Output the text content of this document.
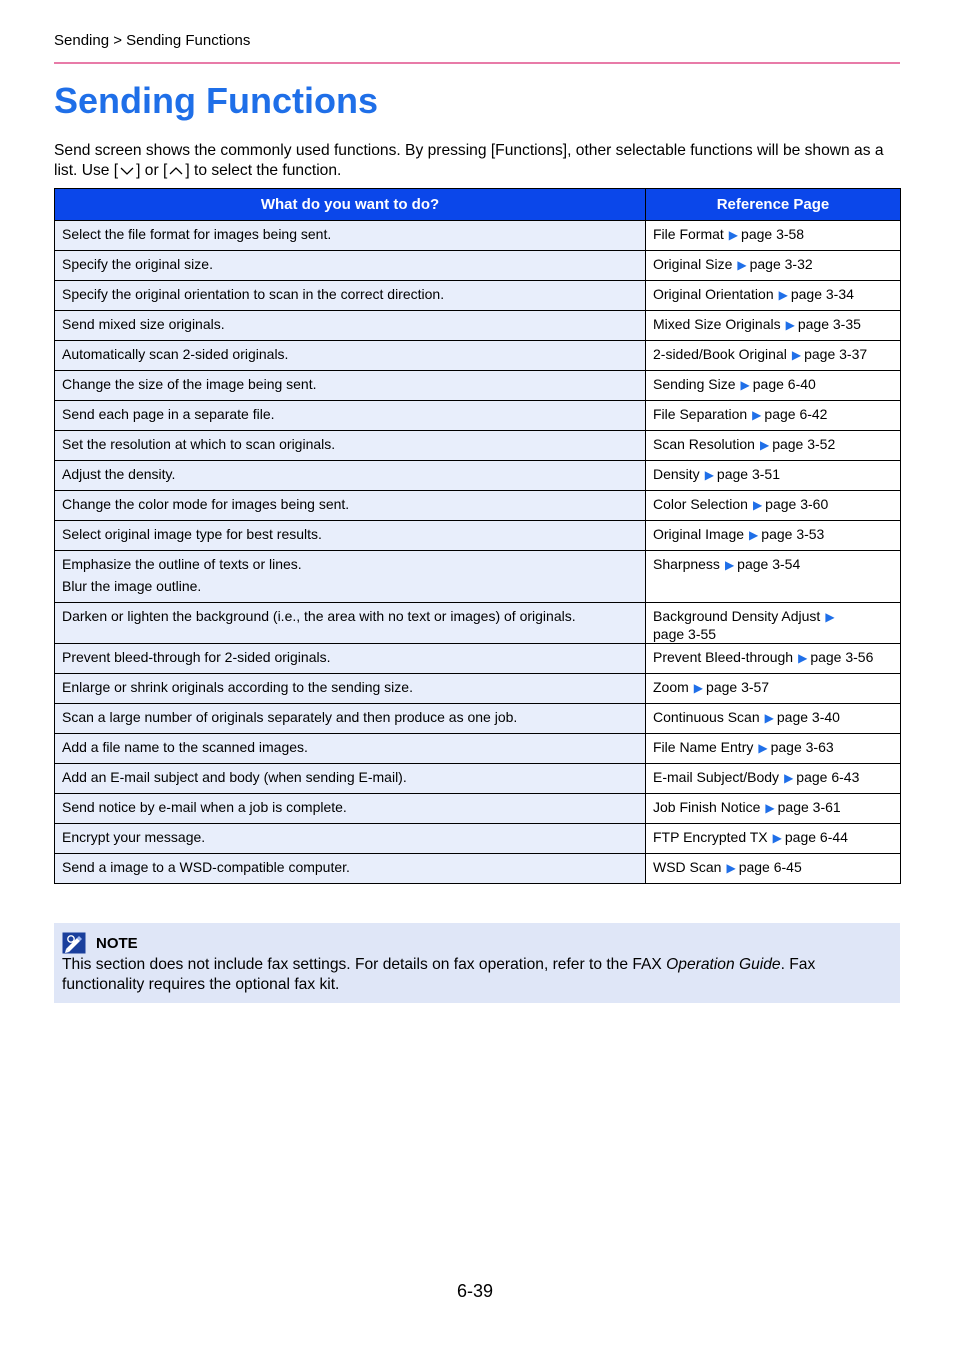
Sending > Sending Functions
Sending Functions
Send screen shows the commonly used functions. By pressing [Functions], other selectable functions will be shown as a list. Use [ ] or [ ] to select the function.
What do you want to do?	Reference Page

Select the file format for images being sent.	File Format ▶ page 3-58

Specify the original size.	Original Size ▶ page 3-32

Specify the original orientation to scan in the correct direction.	Original Orientation ▶ page 3-34

Send mixed size originals.	Mixed Size Originals ▶ page 3-35

Automatically scan 2-sided originals.	2-sided/Book Original ▶ page 3-37

Change the size of the image being sent.	Sending Size ▶ page 6-40

Send each page in a separate file.	File Separation ▶ page 6-42

Set the resolution at which to scan originals.	Scan Resolution ▶ page 3-52

Adjust the density.	Density ▶ page 3-51

Change the color mode for images being sent.	Color Selection ▶ page 3-60

Select original image type for best results.	Original Image ▶ page 3-53

Emphasize the outline of texts or lines.
Blur the image outline.	Sharpness ▶ page 3-54

Darken or lighten the background (i.e., the area with no text or images) of originals.	Background Density Adjust ▶
page 3-55

Prevent bleed-through for 2-sided originals.	Prevent Bleed-through ▶ page 3-56

Enlarge or shrink originals according to the sending size.	Zoom ▶ page 3-57

Scan a large number of originals separately and then produce as one job.	Continuous Scan ▶ page 3-40

Add a file name to the scanned images.	File Name Entry ▶ page 3-63

Add an E-mail subject and body (when sending E-mail).	E-mail Subject/Body ▶ page 6-43

Send notice by e-mail when a job is complete.	Job Finish Notice ▶ page 3-61

Encrypt your message.	FTP Encrypted TX ▶ page 6-44

Send a image to a WSD-compatible computer.	WSD Scan ▶ page 6-45
NOTE
This section does not include fax settings. For details on fax operation, refer to the FAX Operation Guide. Fax functionality requires the optional fax kit.
6-39
